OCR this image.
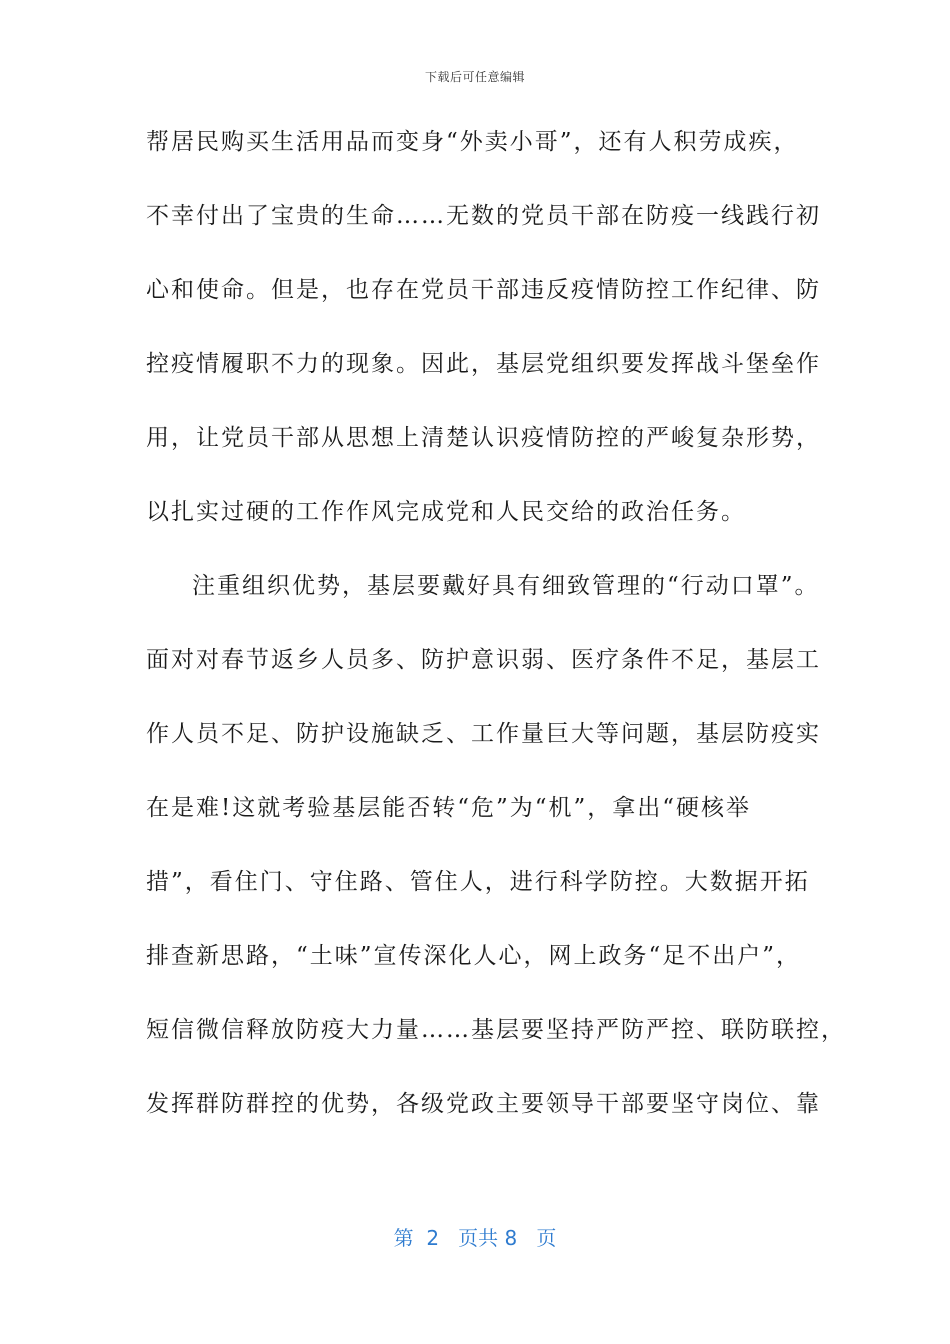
下载后可任意编辑
帮居民购买生活用品而变身“外卖小哥”，还有人积劳成疾，
不幸付出了宝贵的生命……无数的党员干部在防疫一线践行初
心和使命。但是，也存在党员干部违反疫情防控工作纪律、防
控疫情履职不力的现象。因此，基层党组织要发挥战斗堡垒作
用，让党员干部从思想上清楚认识疫情防控的严峻复杂形势，
以扎实过硬的工作作风完成党和人民交给的政治任务。
注重组织优势，基层要戴好具有细致管理的“行动口罩”。
面对对春节返乡人员多、防护意识弱、医疗条件不足，基层工
作人员不足、防护设施缺乏、工作量巨大等问题，基层防疫实
在是难!这就考验基层能否转“危”为“机”，拿出“硬核举
措”，看住门、守住路、管住人，进行科学防控。大数据开拓
排查新思路，“土味”宣传深化人心，网上政务“足不出户”，
短信微信释放防疫大力量……基层要坚持严防严控、联防联控，
发挥群防群控的优势，各级党政主要领导干部要坚守岗位、靠
第  2   页共 8   页
